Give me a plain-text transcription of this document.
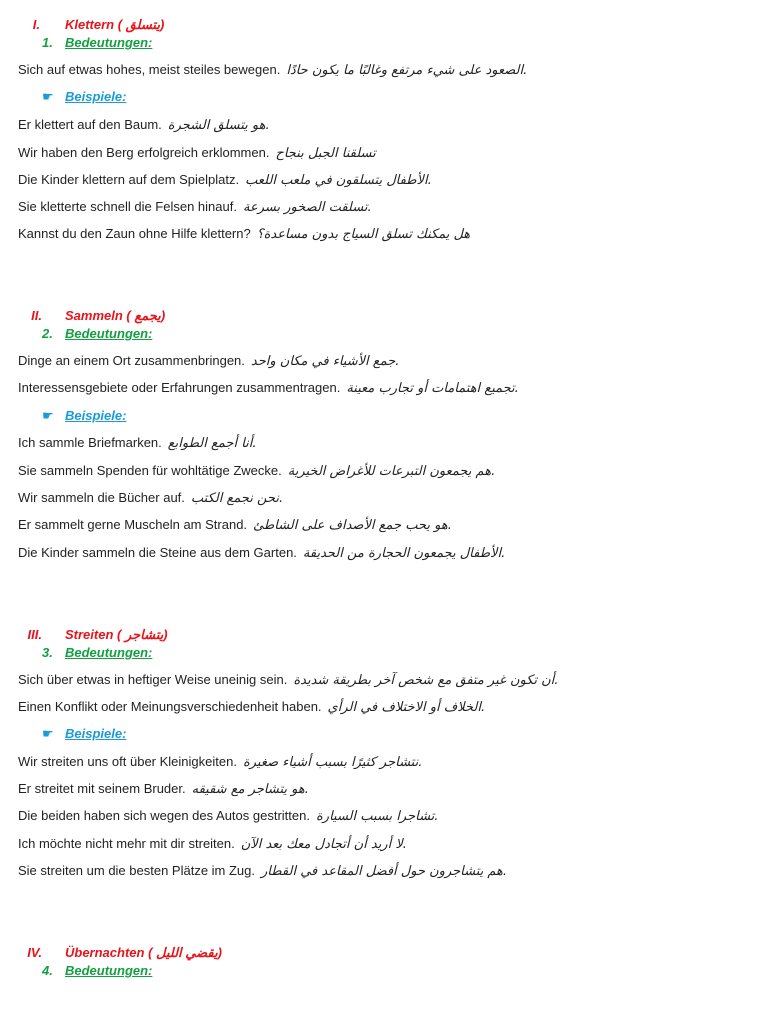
I. Klettern ( يتسلق)
1. Bedeutungen:
Sich auf etwas hohes, meist steiles bewegen. الصعود على شيء مرتفع وغالبًا ما يكون حادًا.
☛ Beispiele:
Er klettert auf den Baum. هو يتسلق الشجرة.
Wir haben den Berg erfolgreich erklommen. تسلقنا الجبل بنجاح
Die Kinder klettern auf dem Spielplatz. الأطفال يتسلقون في ملعب اللعب.
Sie kletterte schnell die Felsen hinauf. تسلقت الصخور بسرعة.
Kannst du den Zaun ohne Hilfe klettern? هل يمكنك تسلق السياج بدون مساعدة؟
II. Sammeln ( يجمع)
2. Bedeutungen:
Dinge an einem Ort zusammenbringen. جمع الأشياء في مكان واحد.
Interessensgebiete oder Erfahrungen zusammentragen. تجميع اهتمامات أو تجارب معينة.
☛ Beispiele:
Ich sammle Briefmarken. أنا أجمع الطوابع.
Sie sammeln Spenden für wohltätige Zwecke. هم يجمعون التبرعات للأغراض الخيرية.
Wir sammeln die Bücher auf. نحن نجمع الكتب.
Er sammelt gerne Muscheln am Strand. هو يحب جمع الأصداف على الشاطئ.
Die Kinder sammeln die Steine aus dem Garten. الأطفال يجمعون الحجارة من الحديقة.
III. Streiten ( يتشاجر)
3. Bedeutungen:
Sich über etwas in heftiger Weise uneinig sein. أن تكون غير متفق مع شخص آخر بطريقة شديدة.
Einen Konflikt oder Meinungsverschiedenheit haben. الخلاف أو الاختلاف في الرأي.
☛ Beispiele:
Wir streiten uns oft über Kleinigkeiten. نتشاجر كثيرًا بسبب أشياء صغيرة.
Er streitet mit seinem Bruder. هو يتشاجر مع شقيقه.
Die beiden haben sich wegen des Autos gestritten. تشاجرا بسبب السيارة.
Ich möchte nicht mehr mit dir streiten. لا أريد أن أتجادل معك بعد الآن.
Sie streiten um die besten Plätze im Zug. هم يتشاجرون حول أفضل المقاعد في القطار.
IV. Übernachten ( يقضي الليل)
4. Bedeutungen:
